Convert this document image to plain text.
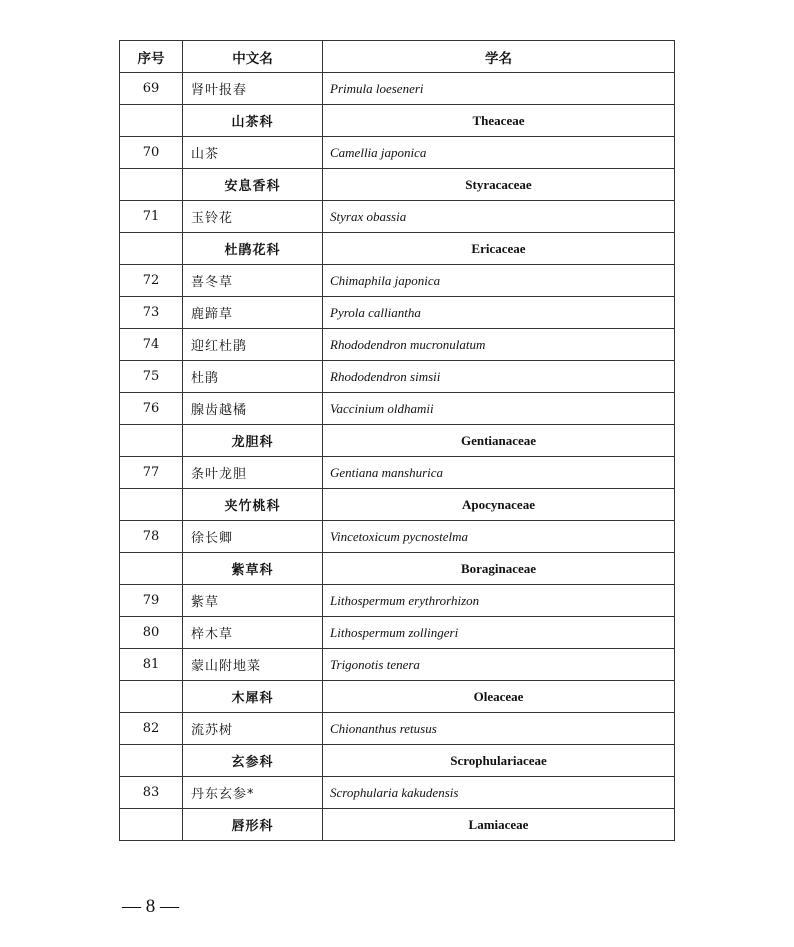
序号	中文名	学名
69	肾叶报春	Primula loeseneri
	山茶科	Theaceae
70	山茶	Camellia japonica
	安息香科	Styracaceae
71	玉铃花	Styrax obassia
	杜鹃花科	Ericaceae
72	喜冬草	Chimaphila japonica
73	鹿蹄草	Pyrola calliantha
74	迎红杜鹃	Rhododendron mucronulatum
75	杜鹃	Rhododendron simsii
76	腺齿越橘	Vaccinium oldhamii
	龙胆科	Gentianaceae
77	条叶龙胆	Gentiana manshurica
	夹竹桃科	Apocynaceae
78	徐长卿	Vincetoxicum pycnostelma
	紫草科	Boraginaceae
79	紫草	Lithospermum erythrorhizon
80	梓木草	Lithospermum zollingeri
81	蒙山附地菜	Trigonotis tenera
	木犀科	Oleaceae
82	流苏树	Chionanthus retusus
	玄参科	Scrophulariaceae
83	丹东玄参*	Scrophularia kakudensis
	唇形科	Lamiaceae
— 8 —
